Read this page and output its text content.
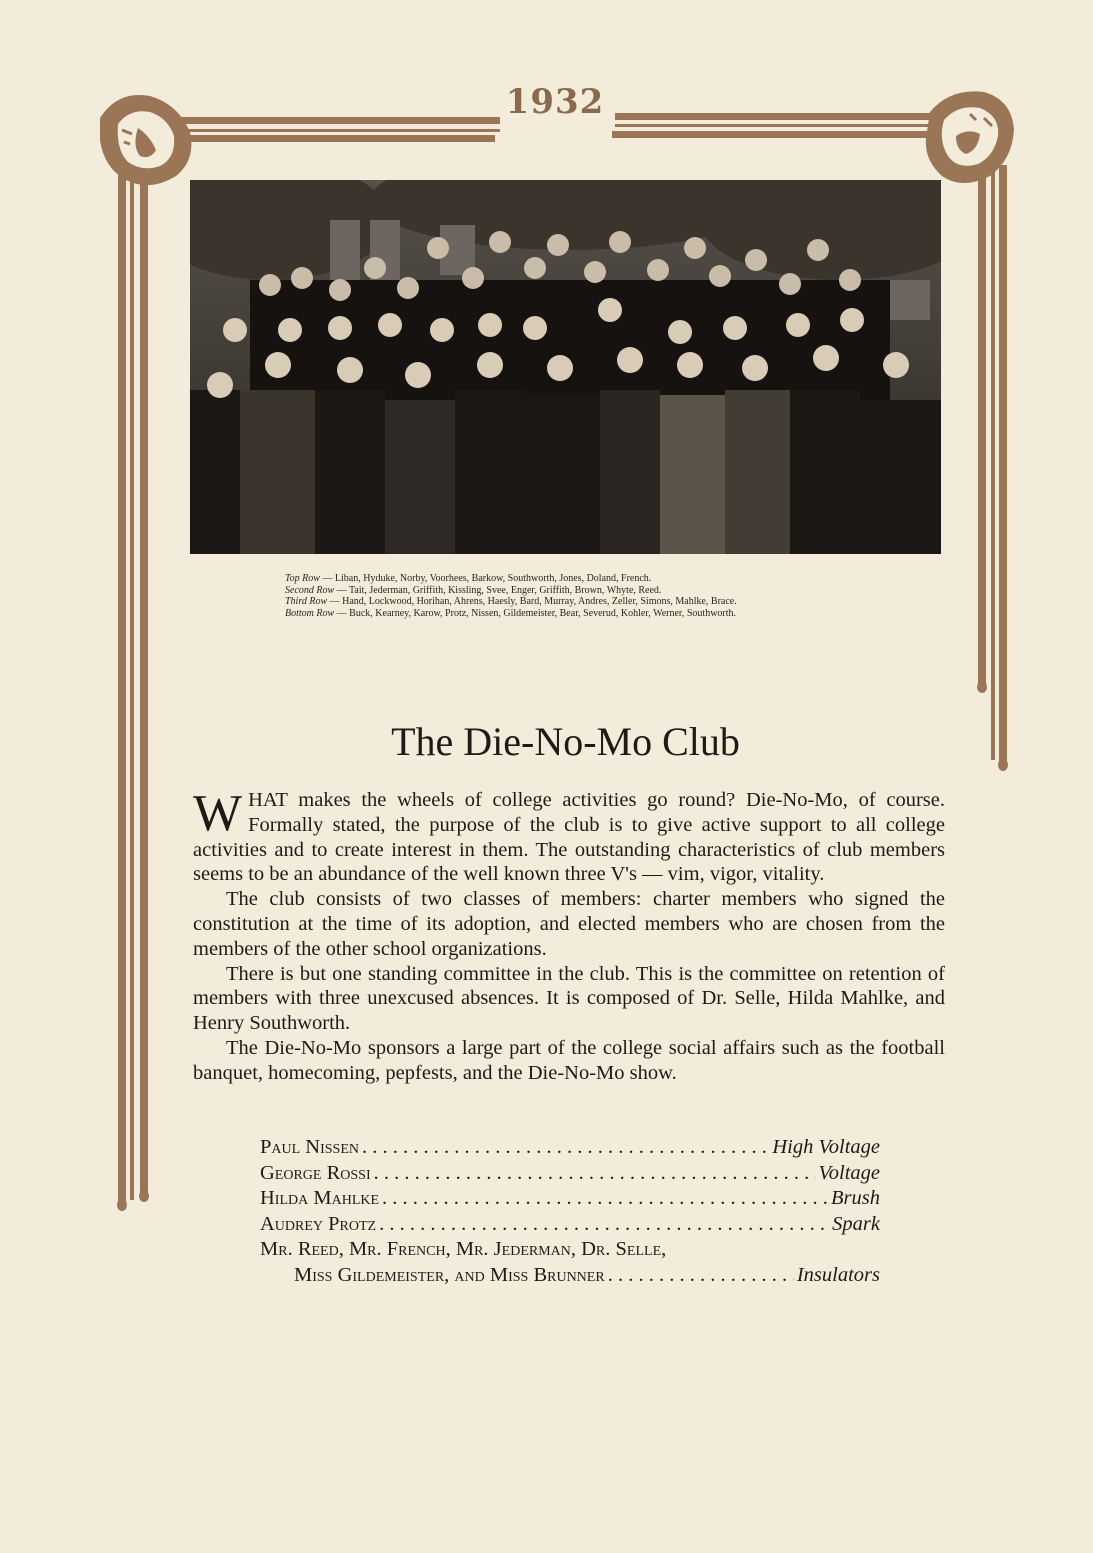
1932
Top Row — Liban, Hyduke, Norby, Voorhees, Barkow, Southworth, Jones, Doland, French.
Second Row — Tait, Jederman, Griffith, Kissling, Svee, Enger, Griffith, Brown, Whyte, Reed.
Third Row — Hand, Lockwood, Horihan, Ahrens, Haesly, Bard, Murray, Andres, Zeller, Simons, Mahlke, Brace.
Bottom Row — Buck, Kearney, Karow, Protz, Nissen, Gildemeister, Bear, Severud, Kohler, Werner, Southworth.
The Die-No-Mo Club

WHAT makes the wheels of college activities go round? Die-No-Mo, of course. Formally stated, the purpose of the club is to give active support to all college activities and to create interest in them. The outstanding characteristics of club members seems to be an abundance of the well known three V's — vim, vigor, vitality.

The club consists of two classes of members: charter members who signed the constitution at the time of its adoption, and elected members who are chosen from the members of the other school organizations.

There is but one standing committee in the club. This is the committee on retention of members with three unexcused absences. It is composed of Dr. Selle, Hilda Mahlke, and Henry Southworth.

The Die-No-Mo sponsors a large part of the college social affairs such as the football banquet, homecoming, pepfests, and the Die-No-Mo show.

Paul Nissen . . .	High Voltage
George Rossi . . .	Voltage
Hilda Mahlke . . .	Brush
Audrey Protz . . .	Spark
Mr. Reed, Mr. French, Mr. Jederman, Dr. Selle,
Miss Gildemeister, and Miss Brunner . . .	Insulators
